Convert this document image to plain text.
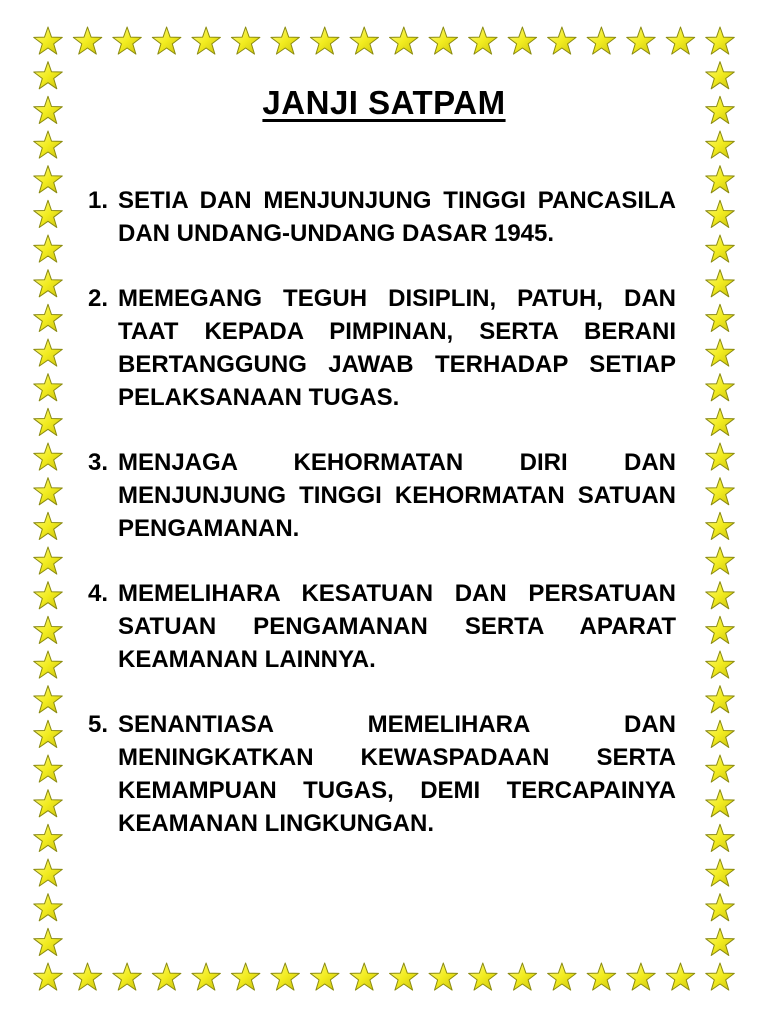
JANJI SATPAM
1. SETIA DAN MENJUNJUNG TINGGI PANCASILA DAN UNDANG-UNDANG DASAR 1945.
2. MEMEGANG TEGUH DISIPLIN, PATUH, DAN TAAT KEPADA PIMPINAN, SERTA BERANI BERTANGGUNG JAWAB TERHADAP SETIAP PELAKSANAAN TUGAS.
3. MENJAGA KEHORMATAN DIRI DAN MENJUNJUNG TINGGI KEHORMATAN SATUAN PENGAMANAN.
4. MEMELIHARA KESATUAN DAN PERSATUAN SATUAN PENGAMANAN SERTA APARAT KEAMANAN LAINNYA.
5. SENANTIASA MEMELIHARA DAN MENINGKATKAN KEWASPADAAN SERTA KEMAMPUAN TUGAS, DEMI TERCAPAINYA KEAMANAN LINGKUNGAN.
